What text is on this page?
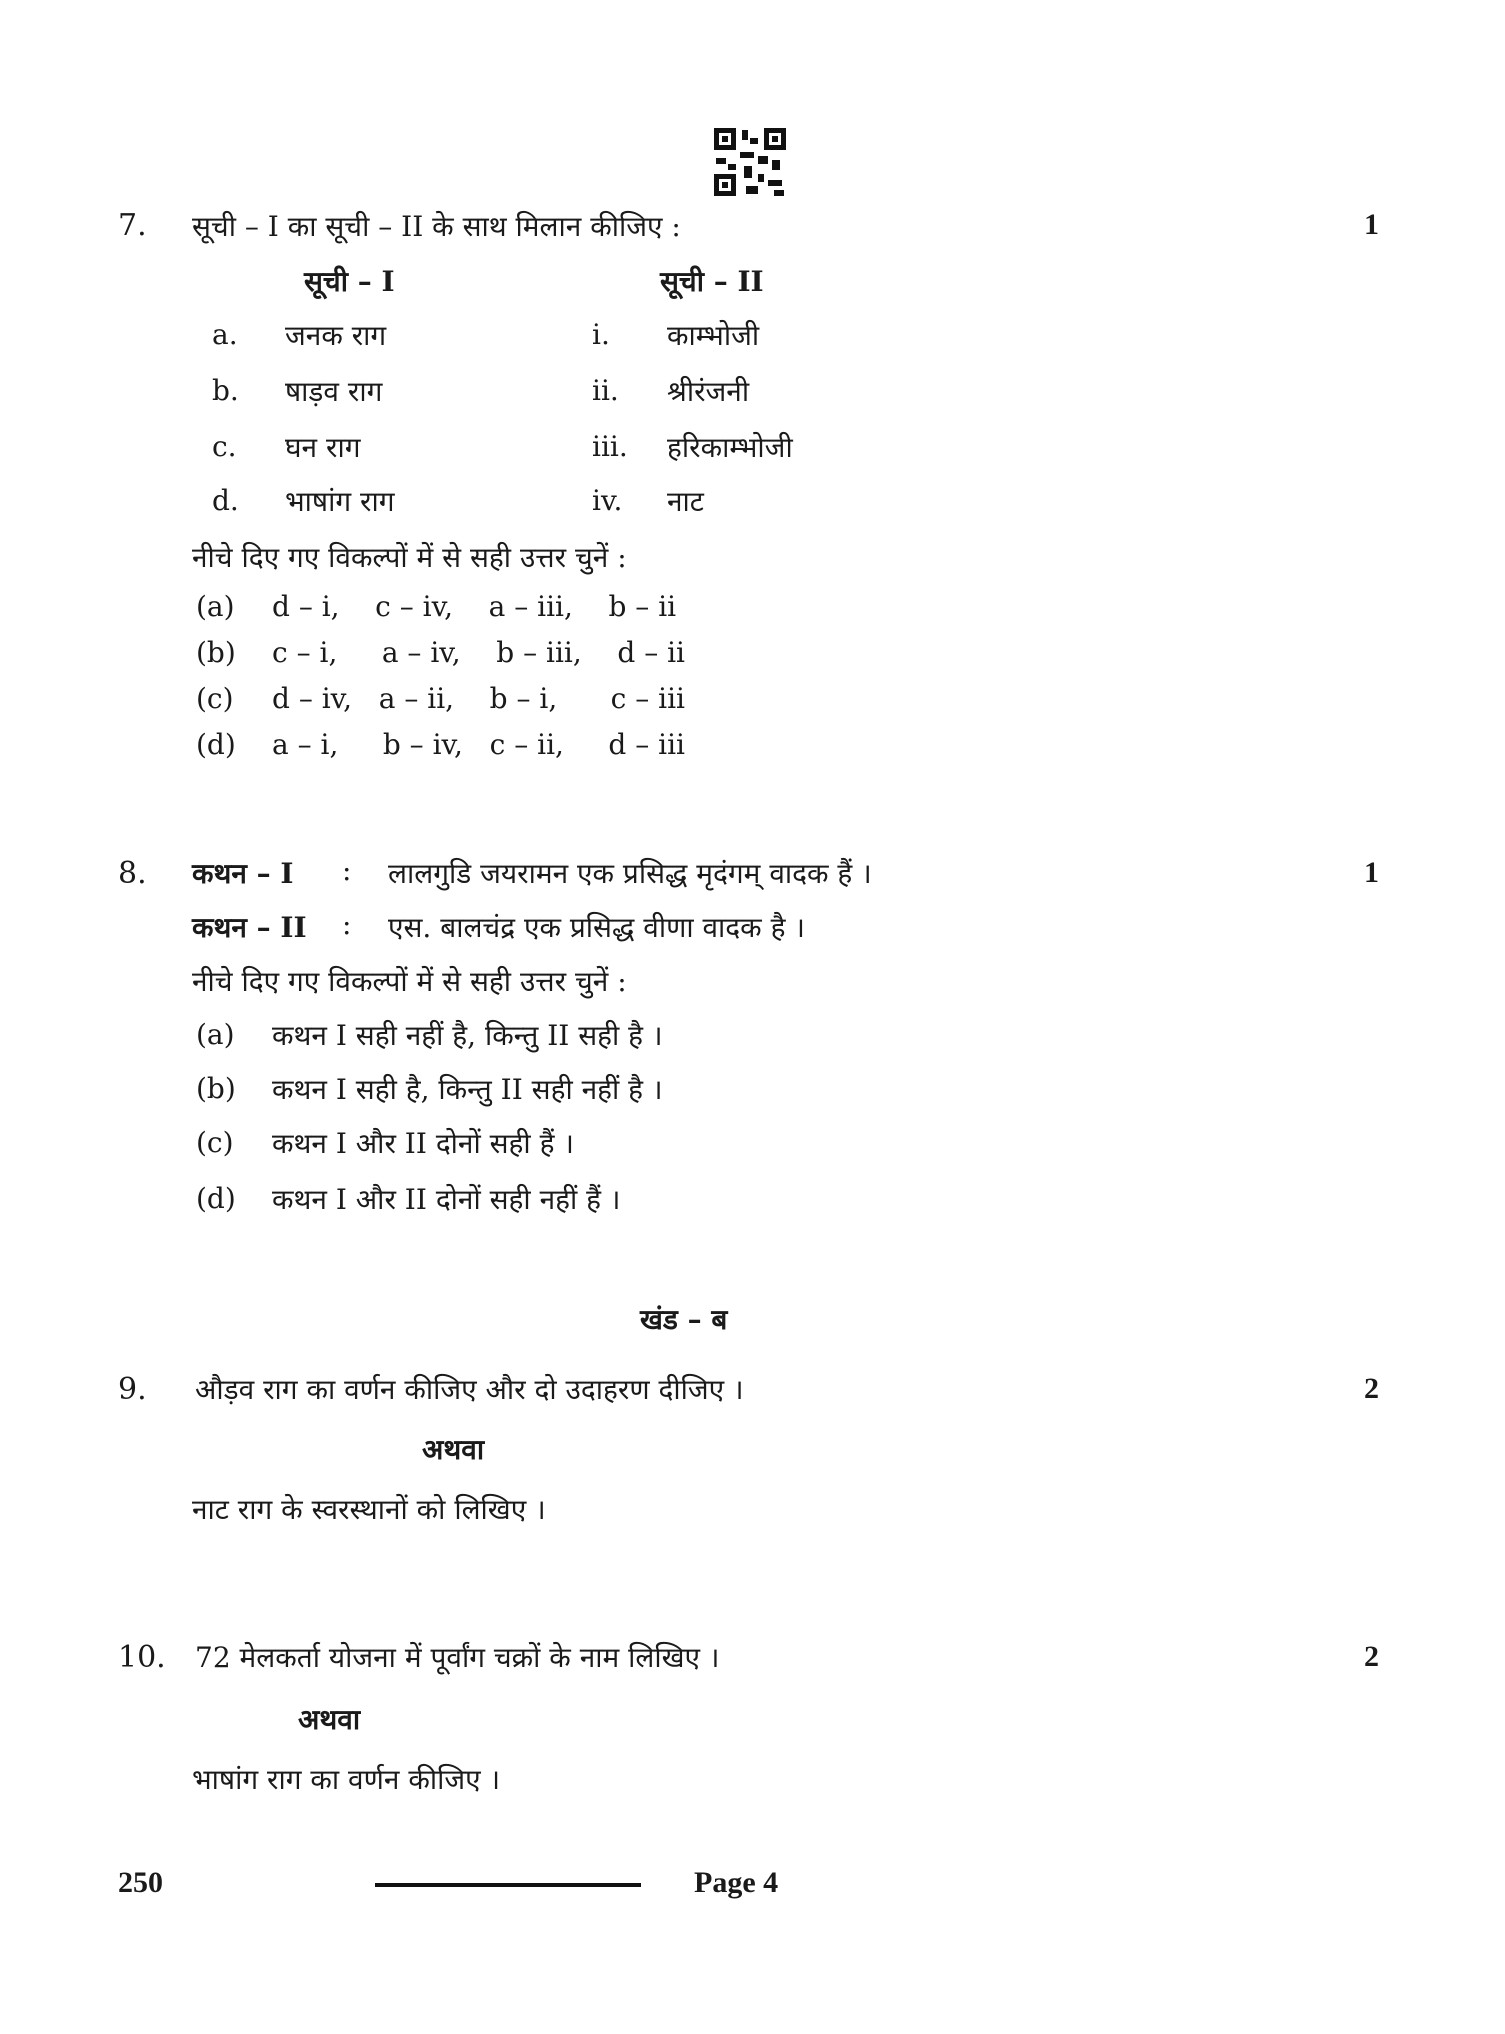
7. सूची – I का सूची – II के साथ मिलान कीजिए :	1
सूची – I	सूची – II
a. जनक राग	i. काम्भोजी
b. षाड़व राग	ii. श्रीरंजनी
c. घन राग	iii. हरिकाम्भोजी
d. भाषांग राग	iv. नाट
नीचे दिए गए विकल्पों में से सही उत्तर चुनें :
(a) d – i,    c – iv,    a – iii,    b – ii
(b) c – i,     a – iv,    b – iii,    d – ii
(c) d – iv,   a – ii,    b – i,      c – iii
(d) a – i,     b – iv,   c – ii,     d – iii
8. कथन – I : लालगुडि जयरामन एक प्रसिद्ध मृदंगम् वादक हैं ।	1
कथन – II : एस. बालचंद्र एक प्रसिद्ध वीणा वादक है ।
नीचे दिए गए विकल्पों में से सही उत्तर चुनें :
(a) कथन I सही नहीं है, किन्तु II सही है ।
(b) कथन I सही है, किन्तु II सही नहीं है ।
(c) कथन I और II दोनों सही हैं ।
(d) कथन I और II दोनों सही नहीं हैं ।
खंड – ब
9. औड़व राग का वर्णन कीजिए और दो उदाहरण दीजिए ।	2
अथवा
नाट राग के स्वरस्थानों को लिखिए ।
10. 72 मेलकर्ता योजना में पूर्वांग चक्रों के नाम लिखिए ।	2
अथवा
भाषांग राग का वर्णन कीजिए ।
250	Page 4
